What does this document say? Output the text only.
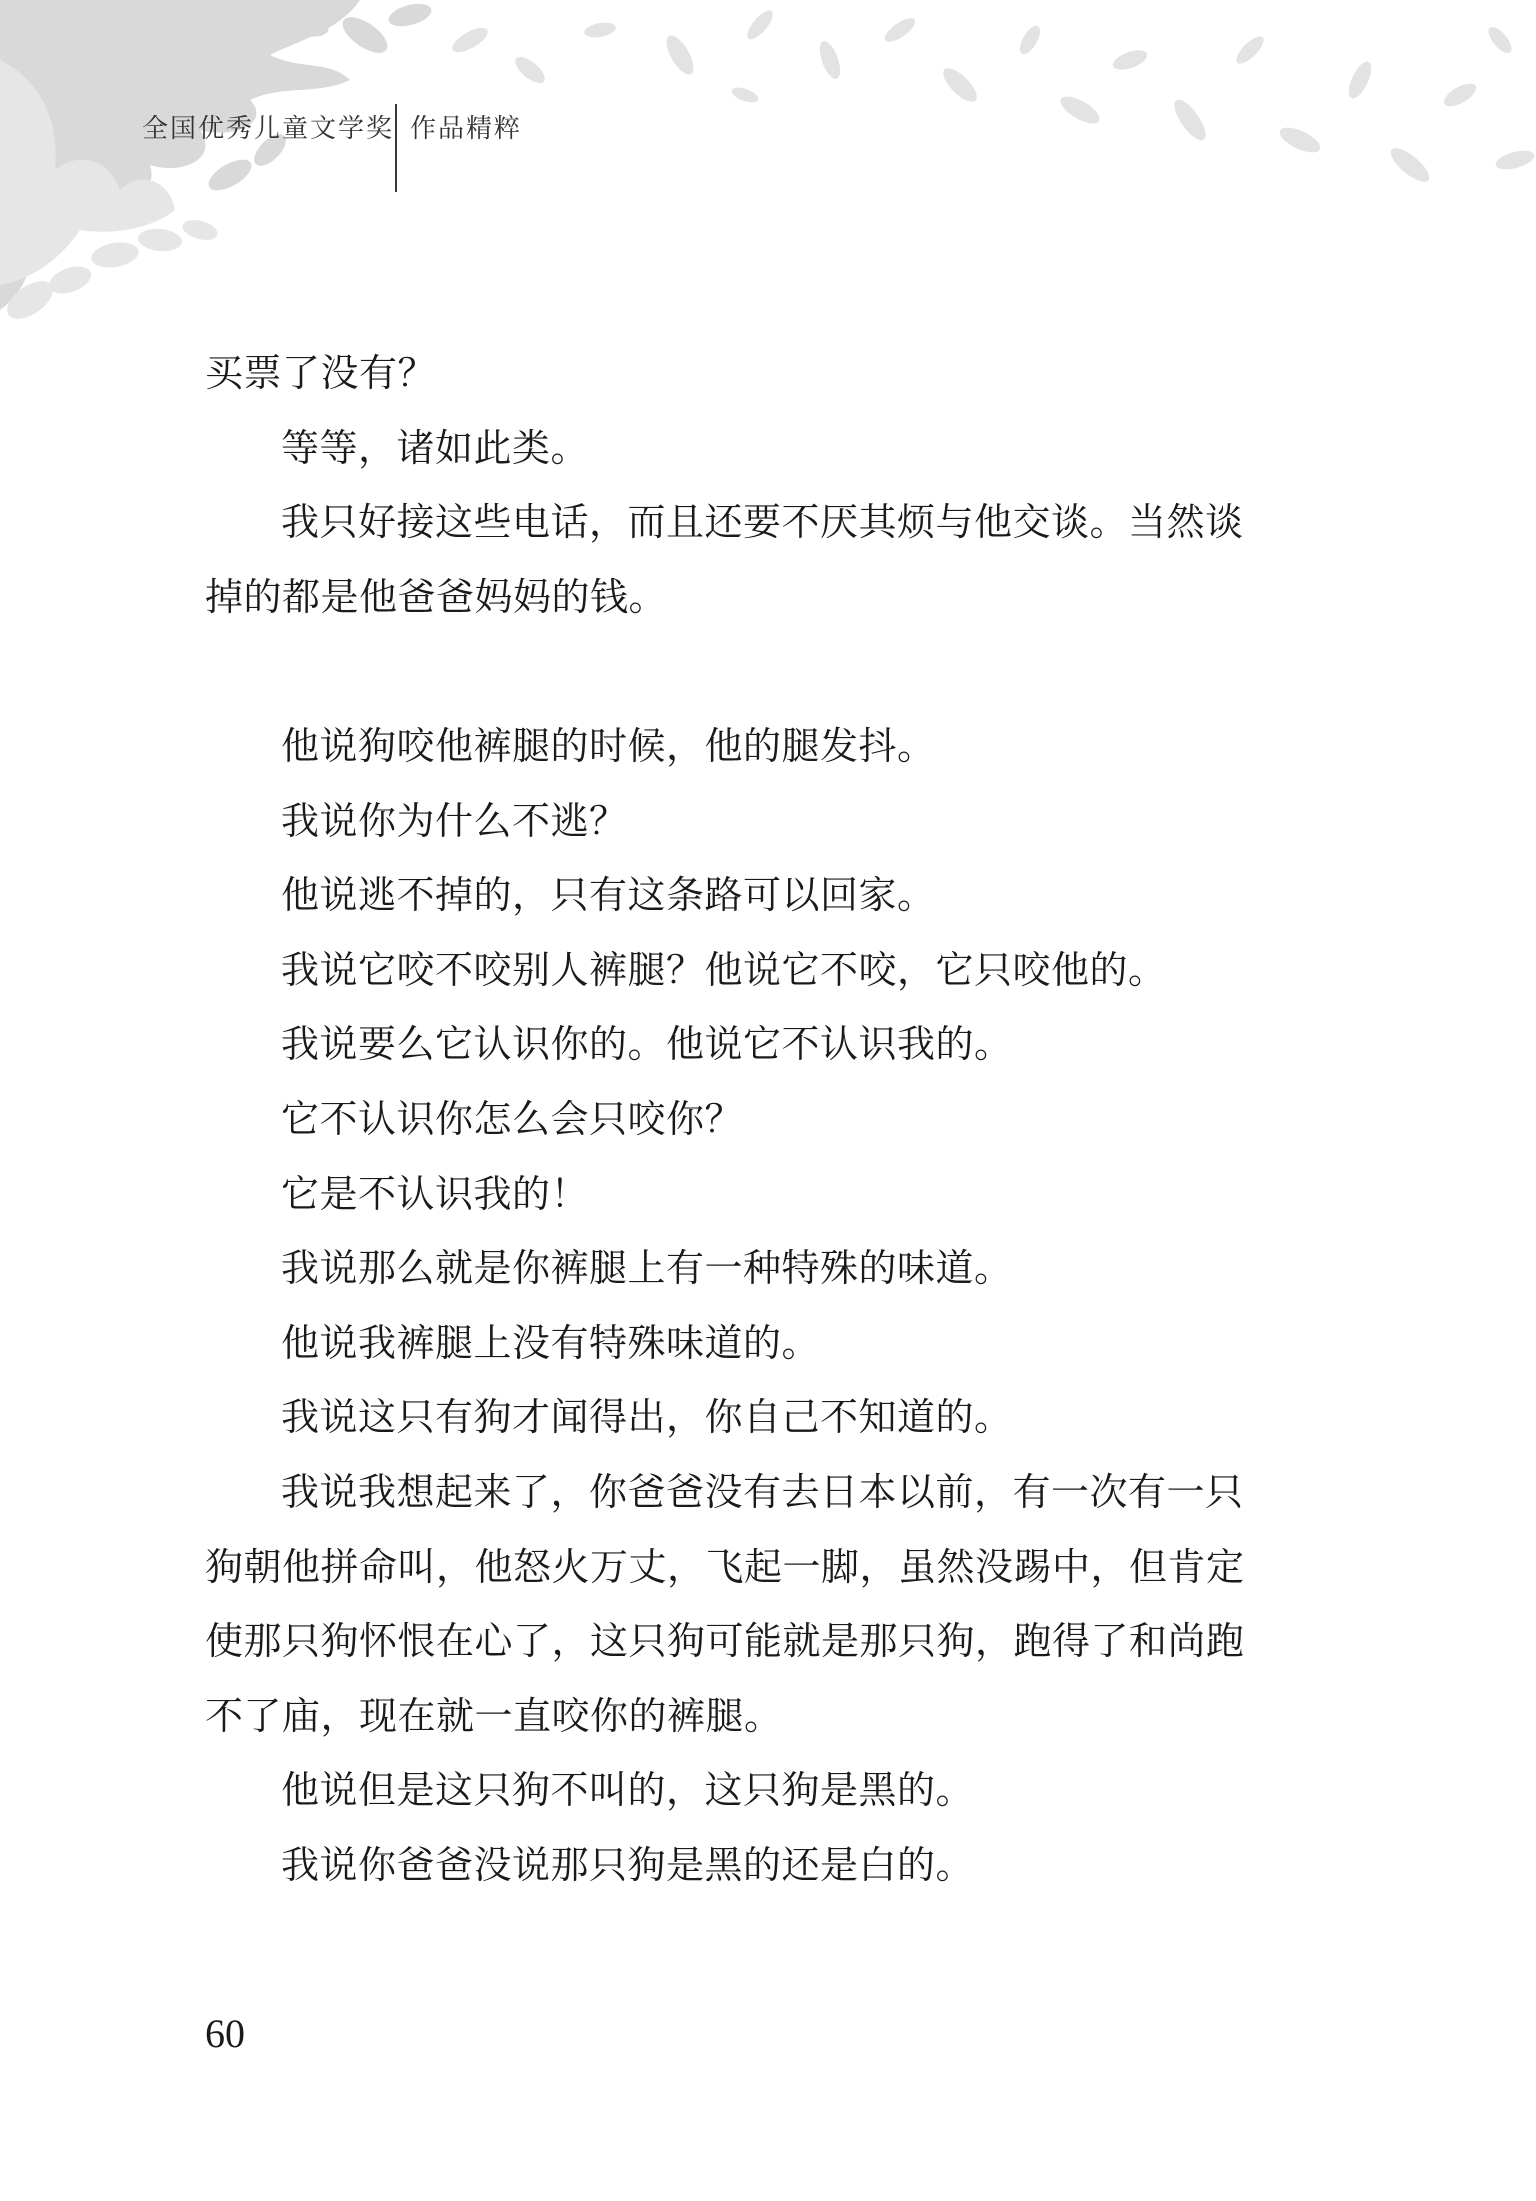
全国优秀儿童文学奖 作品精粹

买票了没有？

等等，诸如此类。

我只好接这些电话，而且还要不厌其烦与他交谈。当然谈掉的都是他爸爸妈妈的钱。

他说狗咬他裤腿的时候，他的腿发抖。

我说你为什么不逃？

他说逃不掉的，只有这条路可以回家。

我说它咬不咬别人裤腿？他说它不咬，它只咬他的。

我说要么它认识你的。他说它不认识我的。

它不认识你怎么会只咬你？

它是不认识我的！

我说那么就是你裤腿上有一种特殊的味道。

他说我裤腿上没有特殊味道的。

我说这只有狗才闻得出，你自己不知道的。

我说我想起来了，你爸爸没有去日本以前，有一次有一只狗朝他拼命叫，他怒火万丈，飞起一脚，虽然没踢中，但肯定使那只狗怀恨在心了，这只狗可能就是那只狗，跑得了和尚跑不了庙，现在就一直咬你的裤腿。

他说但是这只狗不叫的，这只狗是黑的。

我说你爸爸没说那只狗是黑的还是白的。

60
